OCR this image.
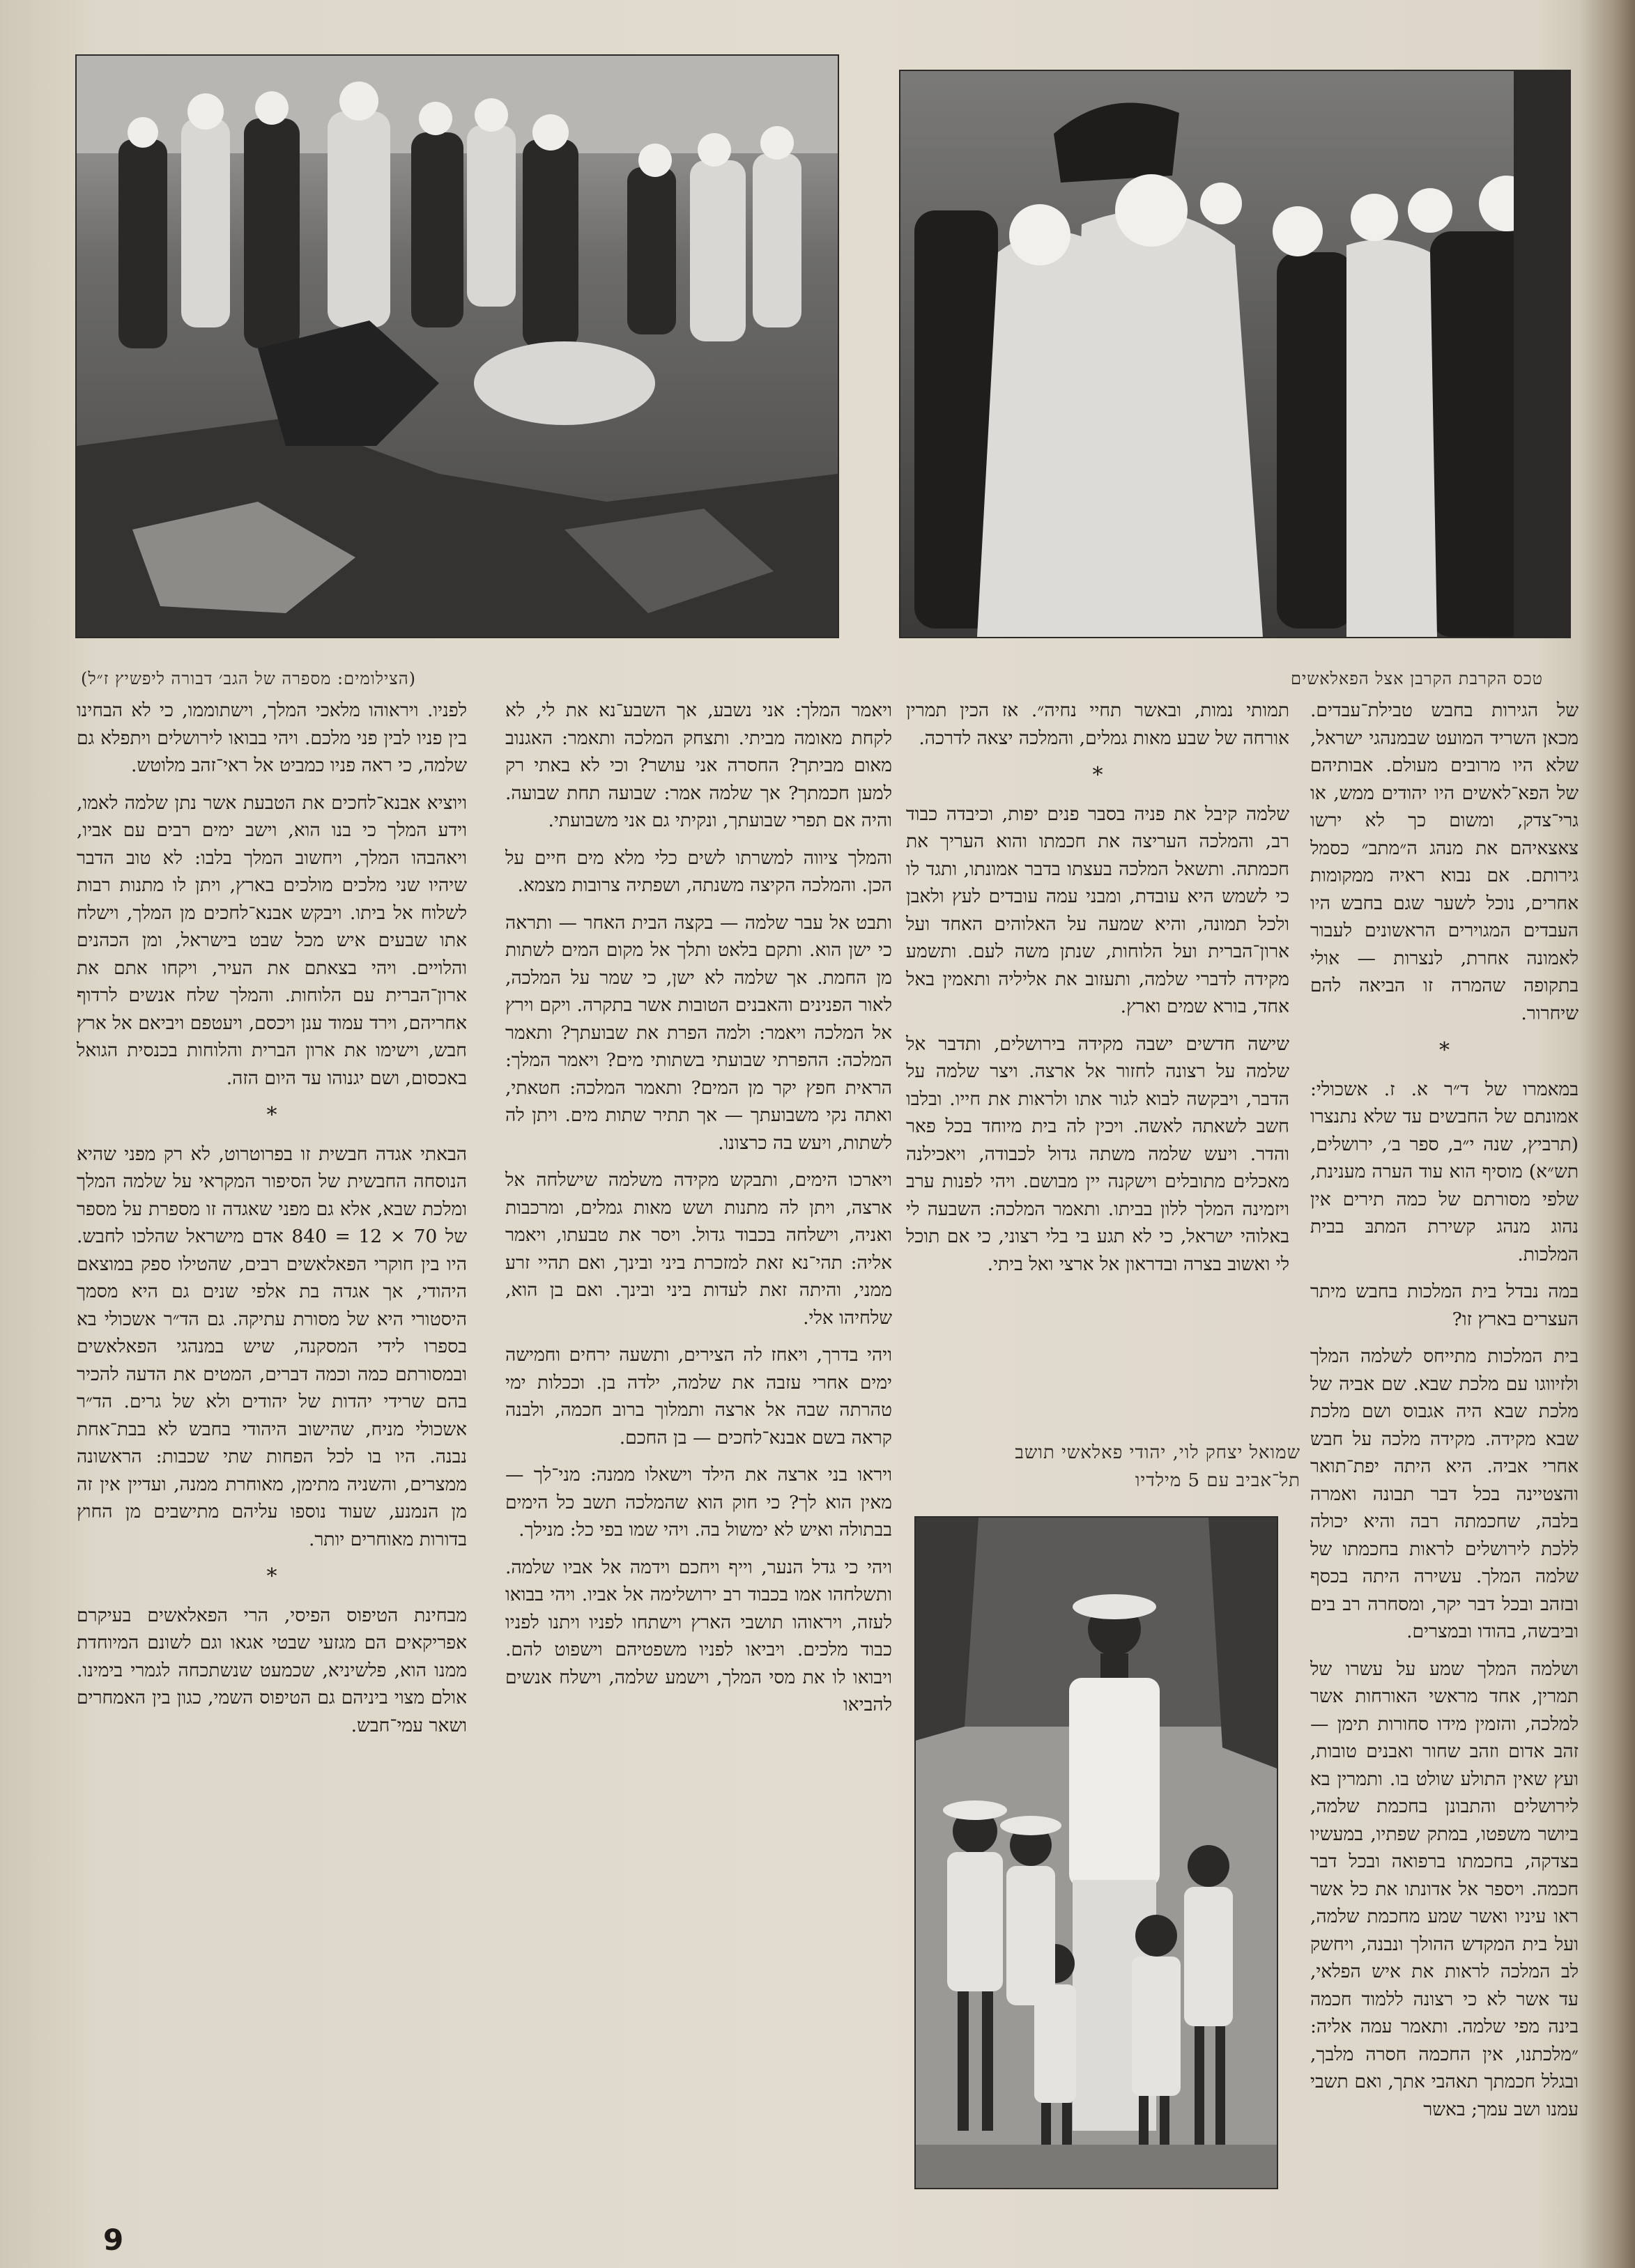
טכס הקרבת הקרבן אצל הפאלאשים
(הצילומים: מספרה של הגב׳ דבורה ליפשיץ ז״ל)

של הגירות בחבש טבילת־עבדים. מכאן השריד המועט שבמנהגי ישראל, שלא היו מרובים מעולם. אבותיהם של הפא־לאשים היו יהודים ממש, או גרי־צדק, ומשום כך לא ירשו צאצאיהם את מנהג ה״מתב״ כסמל גירותם. אם נבוא ראיה ממקומות אחרים, נוכל לשער שגם בחבש היו העבדים המגוירים הראשונים לעבור לאמונה אחרת, לנצרות — אולי בתקופה שהמרה זו הביאה להם שיחרור.

*

במאמרו של ד״ר א. ז. אשכולי: אמונתם של החבשים עד שלא נתנצרו (תרביץ, שנה י״ב, ספר ב׳, ירושלים, תש״א) מוסיף הוא עוד הערה מענינת, שלפי מסורתם של כמה תירים אין נהוג מנהג קשירת המתבּ בבית המלכות.

במה נבדל בית המלכות בחבש מיתר העצרים בארץ זו?

בית המלכות מתייחס לשלמה המלך ולזיווגו עם מלכת שבא. שם אביה של מלכת שבא היה אגבוס ושם מלכת שבא מקידה. מקידה מלכה על חבש אחרי אביה. היא היתה יפת־תואר והצטיינה בכל דבר תבונה ואמרה בלבה, שחכמתה רבה והיא יכולה ללכת לירושלים לראות בחכמתו של שלמה המלך. עשירה היתה בכסף ובזהב ובכל דבר יקר, ומסחרה רב בים וביבשה, בהודו ובמצרים.

ושלמה המלך שמע על עשרו של תמרין, אחד מראשי האורחות אשר למלכה, והזמין מידו סחורות תימן — זהב אדום וזהב שחור ואבנים טובות, ועץ שאין התולע שולט בו. ותמרין בא לירושלים והתבונן בחכמת שלמה, ביושר משפטו, במתק שפתיו, במעשיו בצדקה, בחכמתו ברפואה ובכל דבר חכמה. ויספר אל אדונתו את כל אשר ראו עיניו ואשר שמע מחכמת שלמה, ועל בית המקדש ההולך ונבנה, ויחשק לב המלכה לראות את איש הפלאי, עד אשר לא כי רצונה ללמוד חכמה בינה מפי שלמה. ותאמר עמה אליה: ״מלכתנו, אין החכמה חסרה מלבך, ובגלל חכמתך תאהבי אתך, ואם תשבי עמנו ושב עמך; באשר

תמותי נמות, ובאשר תחיי נחיה״. אז הכין תמרין אורחה של שבע מאות גמלים, והמלכה יצאה לדרכה.

*

שלמה קיבל את פניה בסבר פנים יפות, וכיבדה כבוד רב, והמלכה העריצה את חכמתו והוא העריך את חכמתה. ותשאל המלכה בעצתו בדבר אמונתו, ותגד לו כי לשמש היא עובדת, ומבני עמה עובדים לעץ ולאבן ולכל תמונה, והיא שמעה על האלוהים האחד ועל ארון־הברית ועל הלוחות, שנתן משה לעם. ותשמע מקידה לדברי שלמה, ותעזוב את אליליה ותאמין באל אחד, בורא שמים וארץ.

שישה חדשים ישבה מקידה בירושלים, ותדבר אל שלמה על רצונה לחזור אל ארצה. ויצר שלמה על הדבר, ויבקשה לבוא לגור אתו ולראות את חייו. ובלבו חשב לשאתה לאשה. ויכין לה בית מיוחד בכל פאר והדר. ויעש שלמה משתה גדול לכבודה, ויאכילנה מאכלים מתובלים וישקנה יין מבושם. ויהי לפנות ערב ויזמינה המלך ללון בביתו. ותאמר המלכה: השבעה לי באלוהי ישראל, כי לא תגע בי בלי רצוני, כי אם תוכל לי ואשוב בצרה ובדראון אל ארצי ואל ביתי.

שמואל יצחק לוי, יהודי פאלאשי תושב
תל־אביב עם 5 מילדיו

ויאמר המלך: אני נשבע, אך השבע־נא את לי, לא לקחת מאומה מביתי. ותצחק המלכה ותאמר: האגנוב מאום מביתך? החסרה אני עושר? וכי לא באתי רק למען חכמתך? אך שלמה אמר: שבועה תחת שבועה. והיה אם תפרי שבועתך, ונקיתי גם אני משבועתי.

והמלך ציווה למשרתו לשים כלי מלא מים חיים על הכן. והמלכה הקיצה משנתה, ושפתיה צרובות מצמא.

ותבט אל עבר שלמה — בקצה הבית האחר — ותראה כי ישן הוא. ותקם בלאט ותלך אל מקום המים לשתות מן החמת. אך שלמה לא ישן, כי שמר על המלכה, לאור הפנינים והאבנים הטובות אשר בתקרה. ויקם וירץ אל המלכה ויאמר: ולמה הפרת את שבועתך? ותאמר המלכה: ההפרתי שבועתי בשתותי מים? ויאמר המלך: הראית חפץ יקר מן המים? ותאמר המלכה: חטאתי, ואתה נקי משבועתך — אך תתיר שתות מים. ויתן לה לשתות, ויעש בה כרצונו.

ויארכו הימים, ותבקש מקידה משלמה שישלחה אל ארצה, ויתן לה מתנות ושש מאות גמלים, ומרכבות ואניה, וישלחה בכבוד גדול. ויסר את טבעתו, ויאמר אליה: תהי־נא זאת למזכרת ביני ובינך, ואם תהיי זרע ממני, והיתה זאת לעדות ביני ובינך. ואם בן הוא, שלחיהו אלי.

ויהי בדרך, ויאחז לה הצירים, ותשעה ירחים וחמישה ימים אחרי עזבה את שלמה, ילדה בן. וככלות ימי טהרתה שבה אל ארצה ותמלוך ברוב חכמה, ולבנה קראה בשם אבנא־לחכים — בן החכם.

ויראו בני ארצה את הילד וישאלו ממנה: מני־לך — מאין הוא לך? כי חוק הוא שהמלכה תשב כל הימים בבתולה ואיש לא ימשול בה. ויהי שמו בפי כל: מנילך.

ויהי כי גדל הנער, וייף ויחכם וידמה אל אביו שלמה. ותשלחהו אמו בכבוד רב ירושלימה אל אביו. ויהי בבואו לעזה, ויראוהו תושבי הארץ וישתחו לפניו ויתנו לפניו כבוד מלכים. ויביאו לפניו משפטיהם וישפוט להם. ויבואו לו את מסי המלך, וישמע שלמה, וישלח אנשים להביאו

לפניו. ויראוהו מלאכי המלך, וישתוממו, כי לא הבחינו בין פניו לבין פני מלכם. ויהי בבואו לירושלים ויתפלא גם שלמה, כי ראה פניו כמביט אל ראי־זהב מלוטש.

ויוציא אבנא־לחכים את הטבעת אשר נתן שלמה לאמו, וידע המלך כי בנו הוא, וישב ימים רבים עם אביו, ויאהבהו המלך, ויחשוב המלך בלבו: לא טוב הדבר שיהיו שני מלכים מולכים בארץ, ויתן לו מתנות רבות לשלוח אל ביתו. ויבקש אבנא־לחכים מן המלך, וישלח אתו שבעים איש מכל שבט בישראל, ומן הכהנים והלויים. ויהי בצאתם את העיר, ויקחו אתם את ארון־הברית עם הלוחות. והמלך שלח אנשים לרדוף אחריהם, וירד עמוד ענן ויכסם, ויעטפם ויביאם אל ארץ חבש, וישימו את ארון הברית והלוחות בכנסית הגואל באכסום, ושם יגנוהו עד היום הזה.

*

הבאתי אגדה חבשית זו בפרוטרוט, לא רק מפני שהיא הנוסחה החבשית של הסיפור המקראי על שלמה המלך ומלכת שבא, אלא גם מפני שאגדה זו מספרת על מספר של 70 × 12 = 840 אדם מישראל שהלכו לחבש. היו בין חוקרי הפאלאשים רבים, שהטילו ספק במוצאם היהודי, אך אגדה בת אלפי שנים גם היא מסמך היסטורי היא של מסורת עתיקה. גם הד״ר אשכולי בא בספרו לידי המסקנה, שיש במנהגי הפאלאשים ובמסורתם כמה וכמה דברים, המטים את הדעה להכיר בהם שרידי יהדות של יהודים ולא של גרים. הד״ר אשכולי מניח, שהישוב היהודי בחבש לא בבת־אחת נבנה. היו בו לכל הפחות שתי שכבות: הראשונה ממצרים, והשניה מתימן, מאוחרת ממנה, ועדיין אין זה מן הנמנע, שעוד נוספו עליהם מתישבים מן החוץ בדורות מאוחרים יותר.

*

מבחינת הטיפוס הפיסי, הרי הפאלאשים בעיקרם אפריקאים הם מגזעי שבטי אגאו וגם לשונם המיוחדת ממנו הוא, פלשיניא, שכמעט שנשתכחה לגמרי בימינו. אולם מצוי ביניהם גם הטיפוס השמי, כגון בין האמחרים ושאר עמי־חבש.

9
